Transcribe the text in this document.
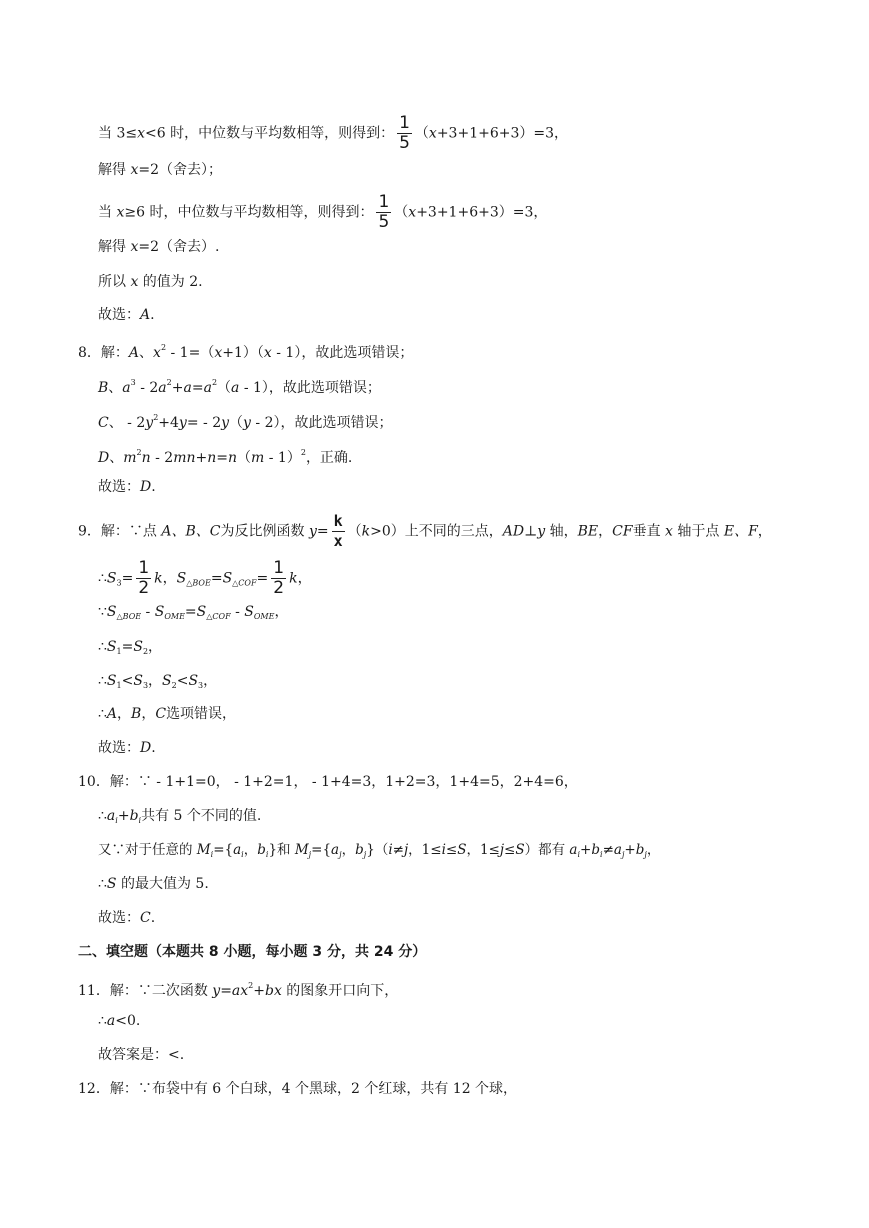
当 3≤x<6 时，中位数与平均数相等，则得到： $\frac{1}{5} (x+3+1+6+3)=3$，
解得 x=2（舍去）；
当 x≥6 时，中位数与平均数相等，则得到： $\frac{1}{5} (x+3+1+6+3)=3$，
解得 x=2（舍去）.
所以 x 的值为 2.
故选：A.
8．解：A、$x^2 - 1=(x+1)(x - 1)$，故此选项错误；
B、$a^3 - 2a^2+a=a^2(a - 1)$，故此选项错误；
C、 - $2y^2+4y= - 2y(y - 2)$，故此选项错误；
D、$m^2n - 2mn+n=n(m - 1)^2$，正确.
故选：D.
9．解：∵点 A、B、C为反比例函数 $y= \frac{k}{x} (k>0)$上不同的三点，AD⊥y 轴，BE，CF垂直 x 轴于点 E、F，
$\therefore S_3= \frac{1}{2}$ k，$S_{\triangle BOE}=S_{\triangle COF}= \frac{1}{2}$ k，
$\because S_{\triangle BOE} - S_{OME}=S_{\triangle COF} - S_{OME}$，
$\therefore S_1=S_2$，
$\therefore S_1<S_3$，$S_2<S_3$，
∴A，B，C选项错误，
故选：D.
10．解：∵ - 1+1=0， - 1+2=1， - 1+4=3，1+2=3，1+4=5，2+4=6，
$\therefore a_i+b_i$共有 5 个不同的值.
又∵对于任意的 $M_i=\{a_i$，$b_i$}和 $M_j=\{a_j$，$b_j\}(i\ne j$，1≤i≤S，1≤j≤S）都有 $a_i+b_i\ne a_j+b_j$，
∴S 的最大值为 5.
故选：C.
二、填空题（本题共 8 小题，每小题 3 分，共 24 分）
11．解：∵二次函数 $y=ax^2+bx$ 的图象开口向下，
∴a<0.
故答案是：<.
12．解：∵布袋中有 6 个白球，4 个黑球，2 个红球，共有 12 个球，
